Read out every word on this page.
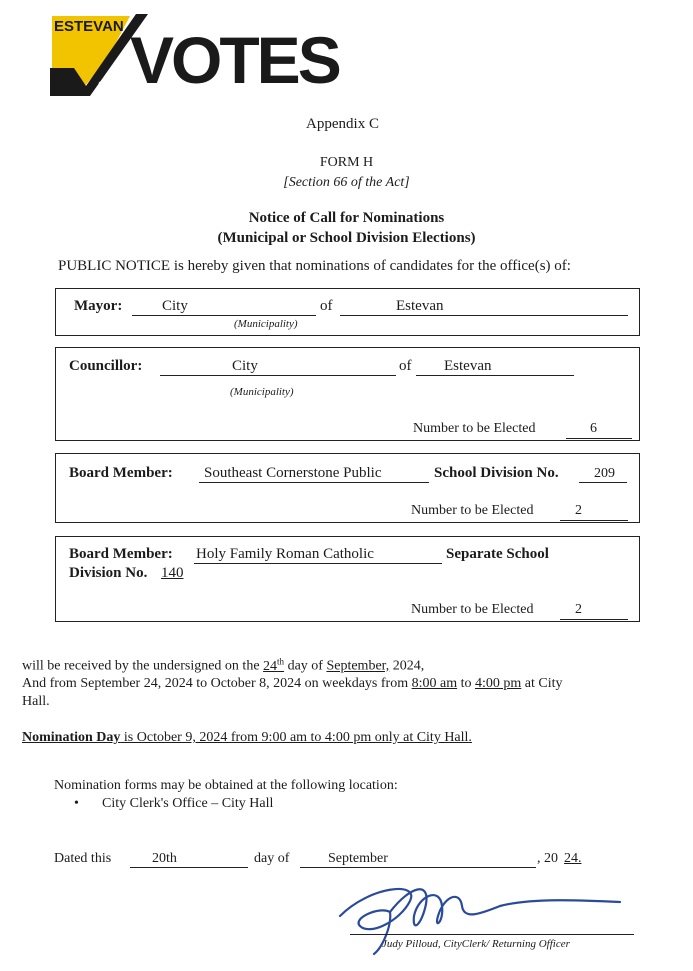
ESTEVAN
2024 VOTES
Appendix C
FORM H
[Section 66 of the Act]
Notice of Call for Nominations
(Municipal or School Division Elections)
PUBLIC NOTICE is hereby given that nominations of candidates for the office(s) of:
Mayor:	City	of	Estevan
(Municipality)
Councillor:	City	of Estevan
(Municipality)
Number to be Elected	6
Board Member: Southeast Cornerstone Public	School Division No.	209
Number to be Elected	2
Board Member: Holy Family Roman Catholic	Separate School
Division No. 140
Number to be Elected	2
will be received by the undersigned on the 24th day of September, 2024,
And from September 24, 2024 to October 8, 2024 on weekdays from 8:00 am to 4:00 pm at City
Hall.
Nomination Day is October 9, 2024 from 9:00 am to 4:00 pm only at City Hall.
Nomination forms may be obtained at the following location:
• City Clerk's Office – City Hall
Dated this	20th	day of	September	, 20 24.
Judy Pilloud, CityClerk/ Returning Officer
